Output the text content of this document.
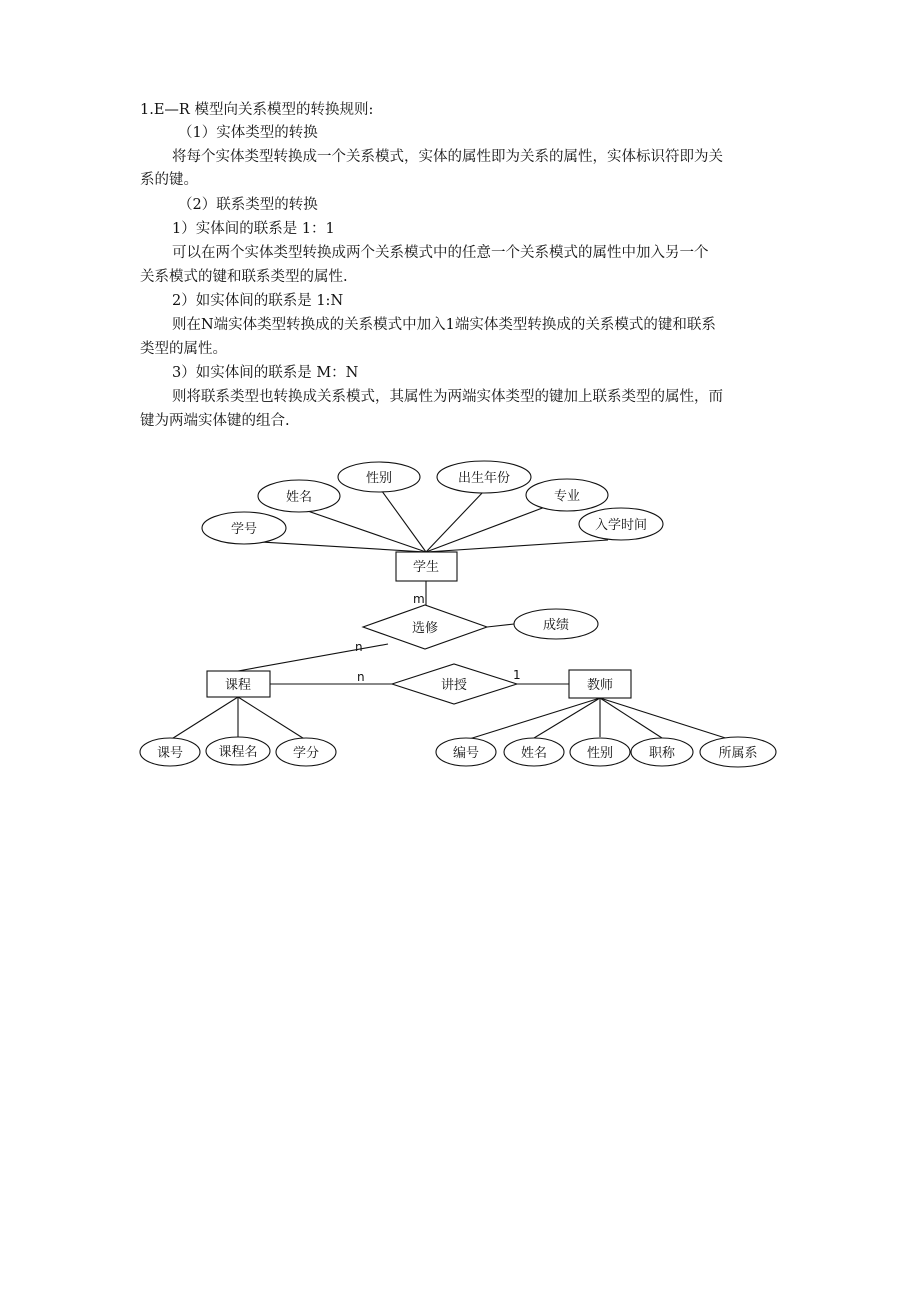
1.E—R 模型向关系模型的转换规则:
（1）实体类型的转换
将每个实体类型转换成一个关系模式，实体的属性即为关系的属性，实体标识符即为关
系的键。
（2）联系类型的转换
1）实体间的联系是 1：1
可以在两个实体类型转换成两个关系模式中的任意一个关系模式的属性中加入另一个
关系模式的键和联系类型的属性.
2）如实体间的联系是 1:N
则在N端实体类型转换成的关系模式中加入1端实体类型转换成的关系模式的键和联系
类型的属性。
3）如实体间的联系是 M：N
则将联系类型也转换成关系模式，其属性为两端实体类型的键加上联系类型的属性，而
键为两端实体键的组合.
学号
姓名
性别	出生年份
专业
入学时间
学生
m
选修	成绩
n
课程
n
讲授
1
教师
课号	课程名	学分	编号	姓名	性别	职称	所属系
